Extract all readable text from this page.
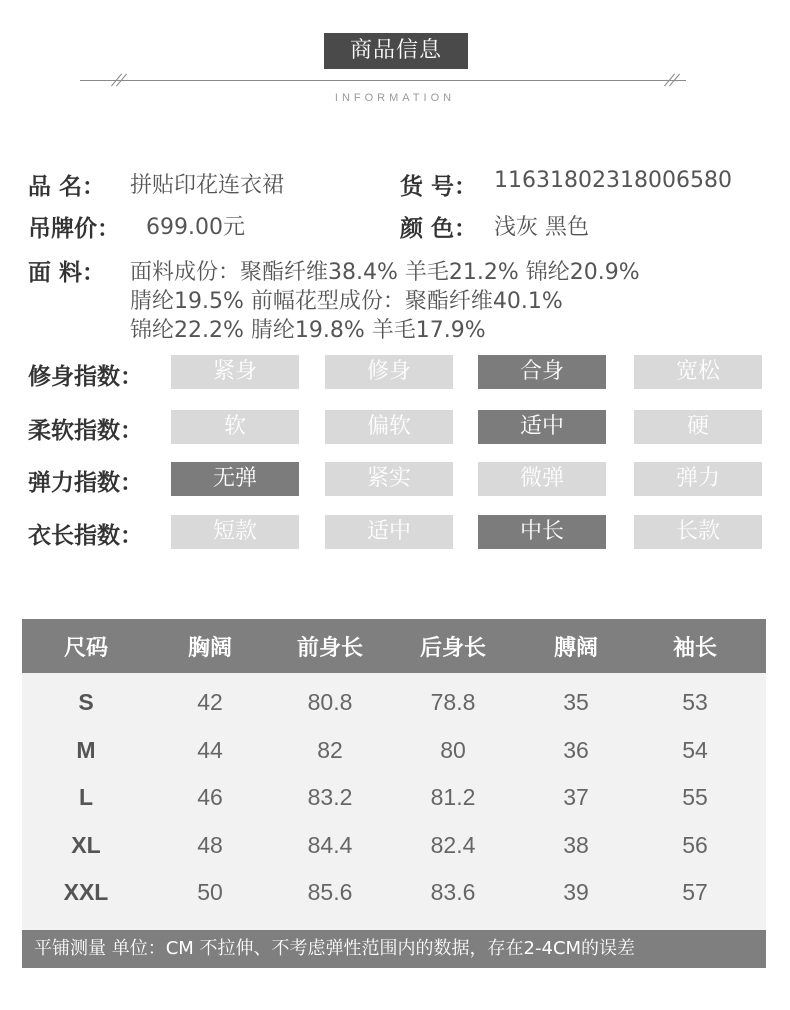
商品信息
INFORMATION
品 名： 拼贴印花连衣裙	货 号： 11631802318006580
吊牌价： 699.00元	颜 色： 浅灰 黑色
面 料： 面料成份：聚酯纤维38.4% 羊毛21.2% 锦纶20.9%
腈纶19.5% 前幅花型成份：聚酯纤维40.1%
锦纶22.2% 腈纶19.8% 羊毛17.9%
修身指数：	紧身	修身	合身	宽松
柔软指数：	软	偏软	适中	硬
弹力指数：	无弹	紧实	微弹	弹力
衣长指数：	短款	适中	中长	长款
尺码	胸阔	前身长	后身长	膊阔	袖长
S	42	80.8	78.8	35	53
M	44	82	80	36	54
L	46	83.2	81.2	37	55
XL	48	84.4	82.4	38	56
XXL	50	85.6	83.6	39	57
平铺测量 单位：CM 不拉伸、不考虑弹性范围内的数据，存在2-4CM的误差
